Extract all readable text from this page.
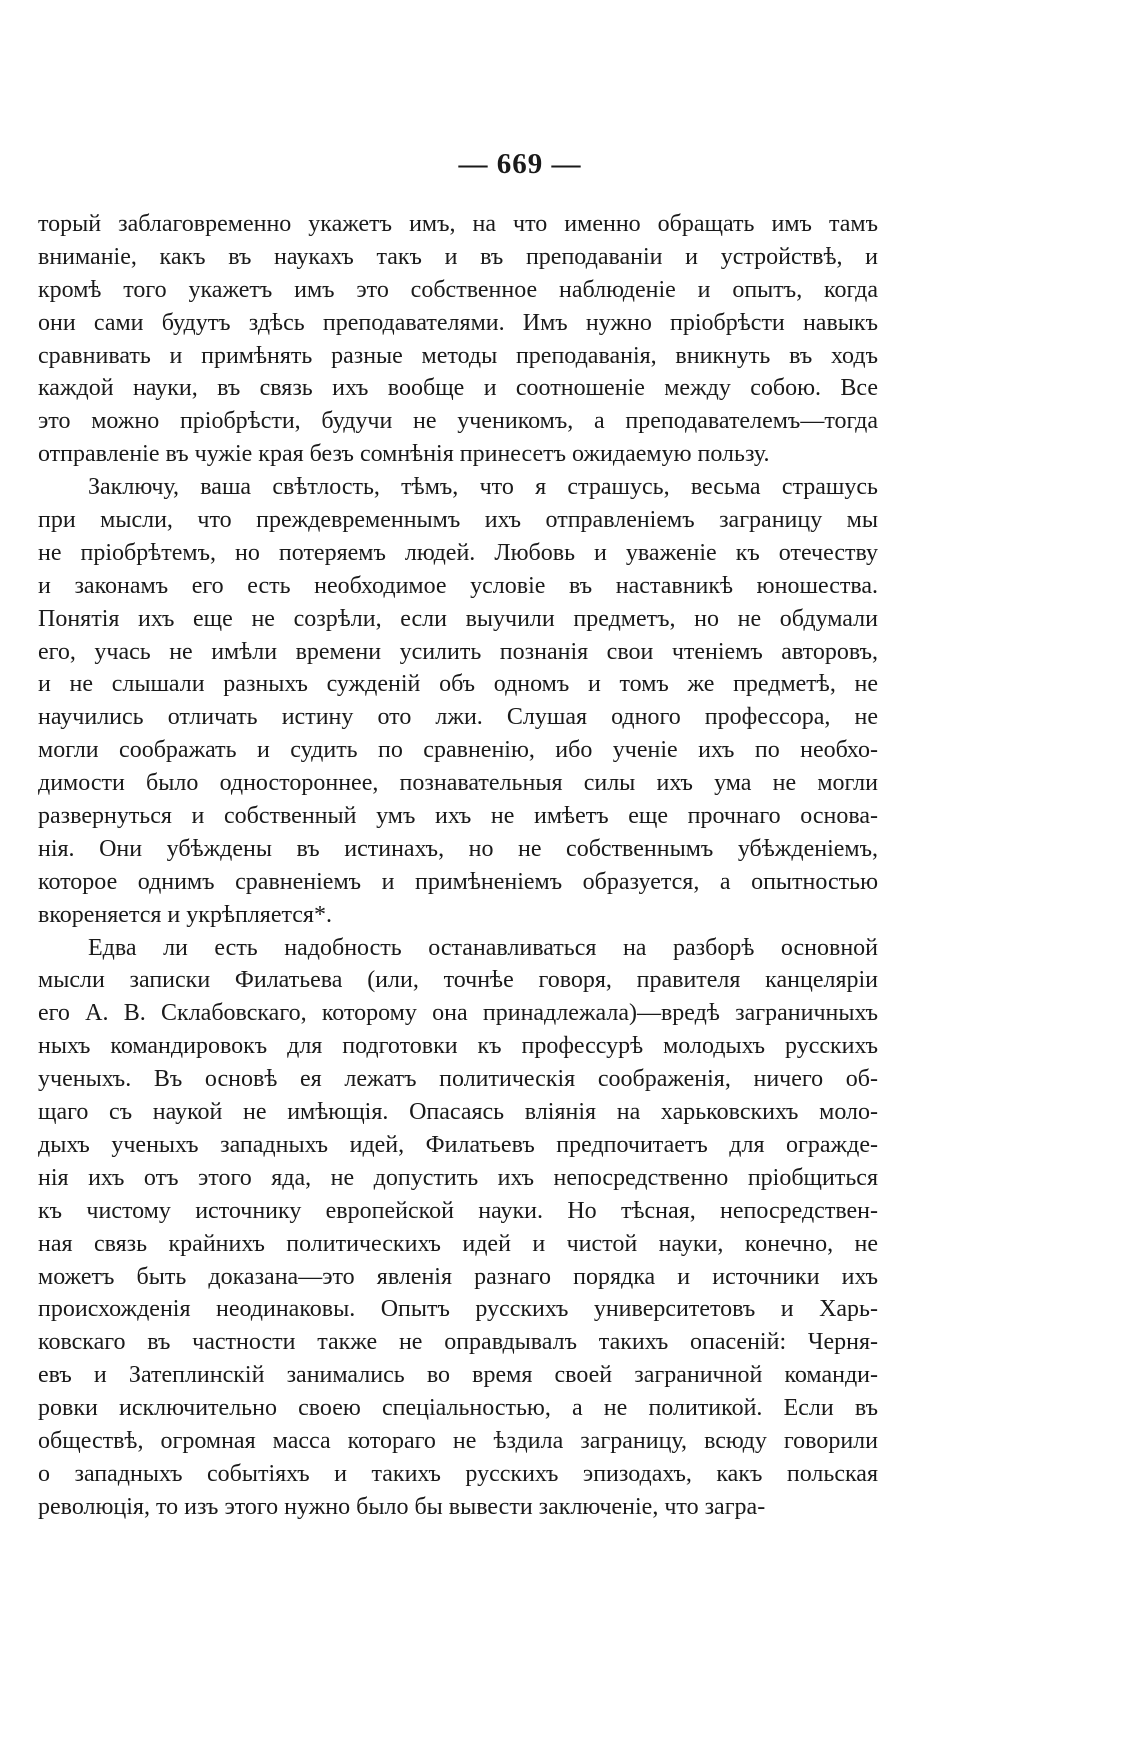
— 669 —
торый заблаговременно укажетъ имъ, на что именно обращать имъ тамъ
вниманіе, какъ въ наукахъ такъ и въ преподаваніи и устройствѣ, и
кромѣ того укажетъ имъ это собственное наблюденіе и опытъ, когда
они сами будутъ здѣсь преподавателями. Имъ нужно пріобрѣсти навыкъ
сравнивать и примѣнять разные методы преподаванія, вникнуть въ ходъ
каждой науки, въ связь ихъ вообще и соотношеніе между собою. Все
это можно пріобрѣсти, будучи не ученикомъ, а преподавателемъ—тогда
отправленіе въ чужіе края безъ сомнѣнія принесетъ ожидаемую пользу.
Заключу, ваша свѣтлость, тѣмъ, что я страшусь, весьма страшусь
при мысли, что преждевременнымъ ихъ отправленіемъ заграницу мы
не пріобрѣтемъ, но потеряемъ людей. Любовь и уваженіе къ отечеству
и законамъ его есть необходимое условіе въ наставникѣ юношества.
Понятія ихъ еще не созрѣли, если выучили предметъ, но не обдумали
его, учась не имѣли времени усилить познанія свои чтеніемъ авторовъ,
и не слышали разныхъ сужденій объ одномъ и томъ же предметѣ, не
научились отличать истину ото лжи. Слушая одного профессора, не
могли соображать и судить по сравненію, ибо ученіе ихъ по необхо-
димости было одностороннее, познавательныя силы ихъ ума не могли
развернуться и собственный умъ ихъ не имѣетъ еще прочнаго основа-
нія. Они убѣждены въ истинахъ, но не собственнымъ убѣжденіемъ,
которое однимъ сравненіемъ и примѣненіемъ образуется, а опытностью
вкореняется и укрѣпляется*.
Едва ли есть надобность останавливаться на разборѣ основной
мысли записки Филатьева (или, точнѣе говоря, правителя канцеляріи
его А. В. Склабовскаго, которому она принадлежала)—вредѣ заграничныхъ
ныхъ командировокъ для подготовки къ профессурѣ молодыхъ русскихъ
ученыхъ. Въ основѣ ея лежатъ политическія соображенія, ничего об-
щаго съ наукой не имѣющія. Опасаясь вліянія на харьковскихъ моло-
дыхъ ученыхъ западныхъ идей, Филатьевъ предпочитаетъ для огражде-
нія ихъ отъ этого яда, не допустить ихъ непосредственно пріобщиться
къ чистому источнику европейской науки. Но тѣсная, непосредствен-
ная связь крайнихъ политическихъ идей и чистой науки, конечно, не
можетъ быть доказана—это явленія разнаго порядка и источники ихъ
происхожденія неодинаковы. Опытъ русскихъ университетовъ и Харь-
ковскаго въ частности также не оправдывалъ такихъ опасеній: Черня-
евъ и Затеплинскій занимались во время своей заграничной команди-
ровки исключительно своею спеціальностью, а не политикой. Если въ
обществѣ, огромная масса котораго не ѣздила заграницу, всюду говорили
о западныхъ событіяхъ и такихъ русскихъ эпизодахъ, какъ польская
революція, то изъ этого нужно было бы вывести заключеніе, что загра-
